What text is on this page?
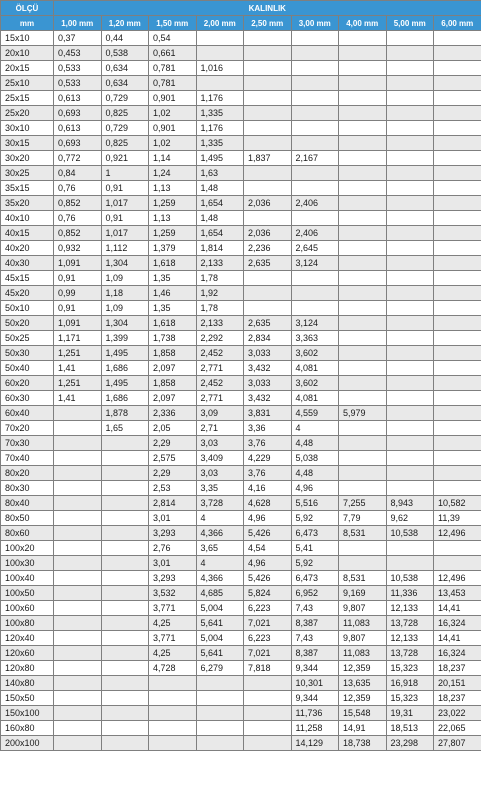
ÖLÇÜ	KALINLIK								
mm	1,00 mm	1,20 mm	1,50 mm	2,00 mm	2,50 mm	3,00 mm	4,00 mm	5,00 mm	6,00 mm
15x10	0,37	0,44	0,54						
20x10	0,453	0,538	0,661						
20x15	0,533	0,634	0,781	1,016					
25x10	0,533	0,634	0,781						
25x15	0,613	0,729	0,901	1,176					
25x20	0,693	0,825	1,02	1,335					
30x10	0,613	0,729	0,901	1,176					
30x15	0,693	0,825	1,02	1,335					
30x20	0,772	0,921	1,14	1,495	1,837	2,167			
30x25	0,84	1	1,24	1,63					
35x15	0,76	0,91	1,13	1,48					
35x20	0,852	1,017	1,259	1,654	2,036	2,406			
40x10	0,76	0,91	1,13	1,48					
40x15	0,852	1,017	1,259	1,654	2,036	2,406			
40x20	0,932	1,112	1,379	1,814	2,236	2,645			
40x30	1,091	1,304	1,618	2,133	2,635	3,124			
45x15	0,91	1,09	1,35	1,78					
45x20	0,99	1,18	1,46	1,92					
50x10	0,91	1,09	1,35	1,78					
50x20	1,091	1,304	1,618	2,133	2,635	3,124			
50x25	1,171	1,399	1,738	2,292	2,834	3,363			
50x30	1,251	1,495	1,858	2,452	3,033	3,602			
50x40	1,41	1,686	2,097	2,771	3,432	4,081			
60x20	1,251	1,495	1,858	2,452	3,033	3,602			
60x30	1,41	1,686	2,097	2,771	3,432	4,081			
60x40		1,878	2,336	3,09	3,831	4,559	5,979		
70x20		1,65	2,05	2,71	3,36	4			
70x30			2,29	3,03	3,76	4,48			
70x40			2,575	3,409	4,229	5,038			
80x20			2,29	3,03	3,76	4,48			
80x30			2,53	3,35	4,16	4,96			
80x40			2,814	3,728	4,628	5,516	7,255	8,943	10,582
80x50			3,01	4	4,96	5,92	7,79	9,62	11,39
80x60			3,293	4,366	5,426	6,473	8,531	10,538	12,496
100x20			2,76	3,65	4,54	5,41			
100x30			3,01	4	4,96	5,92			
100x40			3,293	4,366	5,426	6,473	8,531	10,538	12,496
100x50			3,532	4,685	5,824	6,952	9,169	11,336	13,453
100x60			3,771	5,004	6,223	7,43	9,807	12,133	14,41
100x80			4,25	5,641	7,021	8,387	11,083	13,728	16,324
120x40			3,771	5,004	6,223	7,43	9,807	12,133	14,41
120x60			4,25	5,641	7,021	8,387	11,083	13,728	16,324
120x80			4,728	6,279	7,818	9,344	12,359	15,323	18,237
140x80						10,301	13,635	16,918	20,151
150x50						9,344	12,359	15,323	18,237
150x100						11,736	15,548	19,31	23,022
160x80						11,258	14,91	18,513	22,065
200x100						14,129	18,738	23,298	27,807
